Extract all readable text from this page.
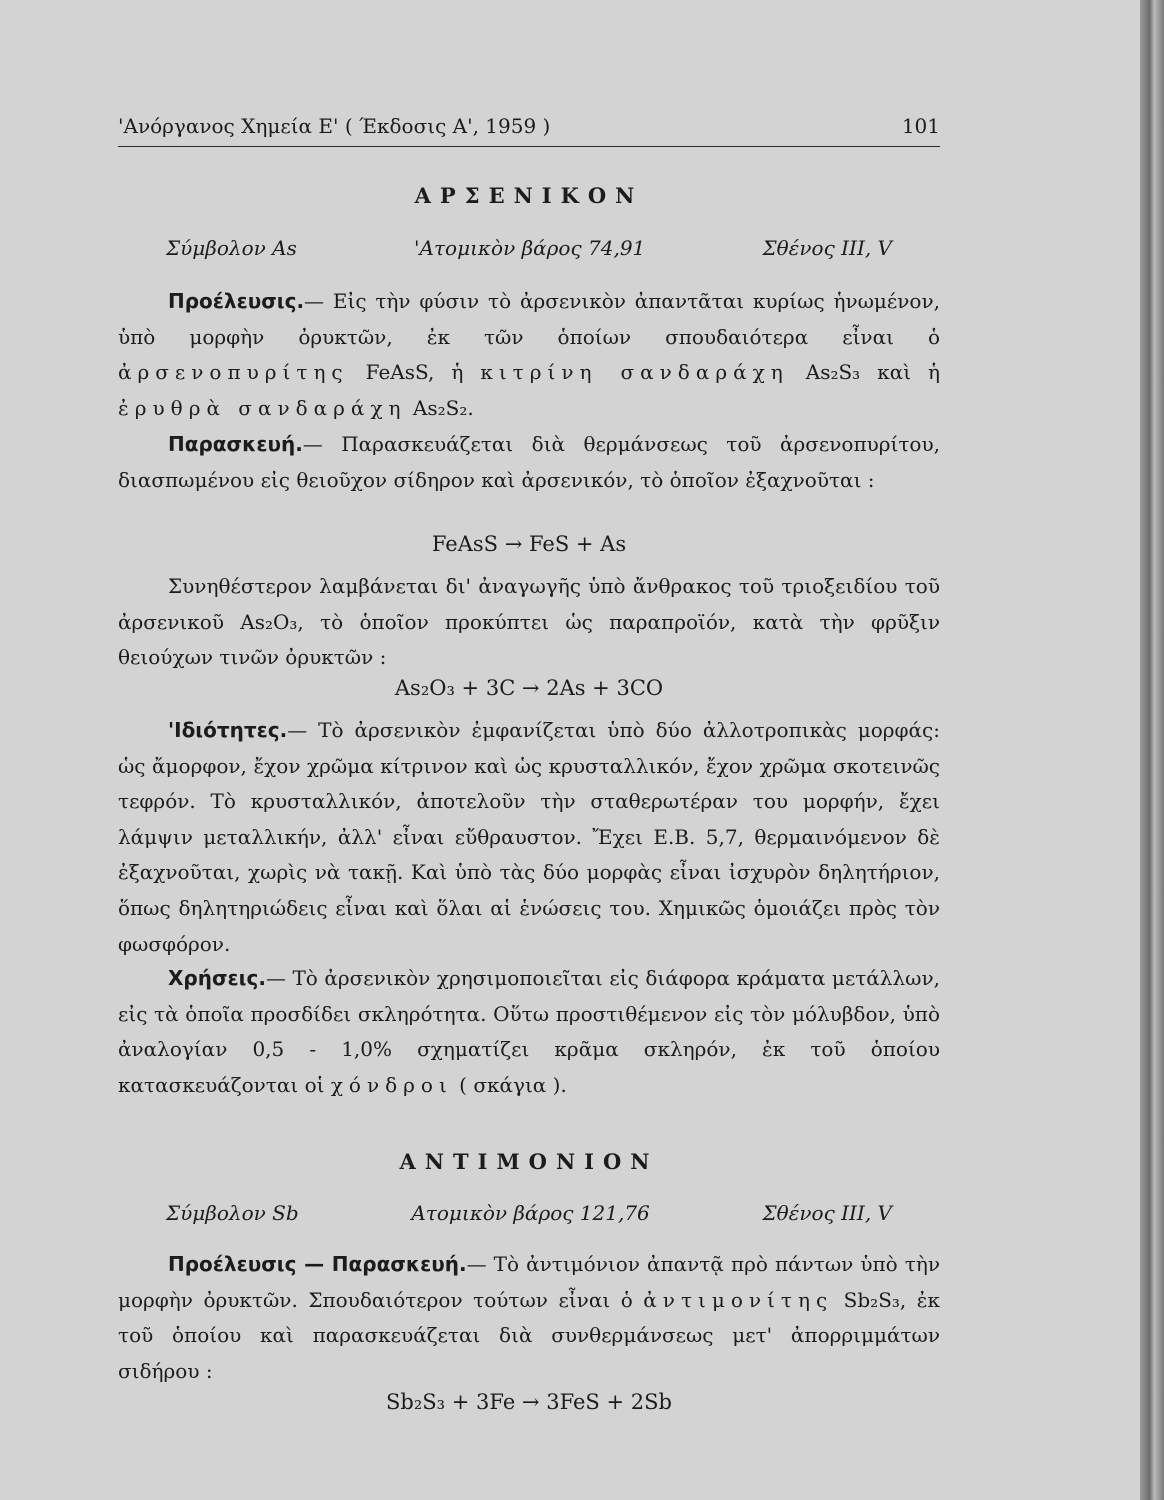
'Ανόργανος Χημεία Ε' ( Έκδοσις Α', 1959 )	101
ΑΡΣΕΝΙΚΟΝ
Σύμβολον As	'Ατομικὸν βάρος 74,91	Σθένος III, V
Προέλευσις.— Εἰς τὴν φύσιν τὸ ἀρσενικὸν ἀπαντᾶται κυρίως ἡνωμένον, ὑπὸ μορφὴν ὀρυκτῶν, ἐκ τῶν ὁποίων σπουδαιότερα εἶναι ὁ ἀρσενοπυρίτης FeAsS, ἡ κιτρίνη σανδαράχη As₂S₃ καὶ ἡ ἐρυθρὰ σανδαράχη As₂S₂.
Παρασκευή.— Παρασκευάζεται διὰ θερμάνσεως τοῦ ἀρσενοπυρίτου, διασπωμένου εἰς θειοῦχον σίδηρον καὶ ἀρσενικόν, τὸ ὁποῖον ἐξαχνοῦται :
FeAsS → FeS + As
Συνηθέστερον λαμβάνεται δι' ἀναγωγῆς ὑπὸ ἄνθρακος τοῦ τριοξειδίου τοῦ ἀρσενικοῦ As₂O₃, τὸ ὁποῖον προκύπτει ὡς παραπροϊόν, κατὰ τὴν φρῦξιν θειούχων τινῶν ὀρυκτῶν :
As₂O₃ + 3C → 2As + 3CO
'Ιδιότητες.— Τὸ ἀρσενικὸν ἐμφανίζεται ὑπὸ δύο ἀλλοτροπικὰς μορφάς: ὡς ἄμορφον, ἔχον χρῶμα κίτρινον καὶ ὡς κρυσταλλικόν, ἔχον χρῶμα σκοτεινῶς τεφρόν. Τὸ κρυσταλλικόν, ἀποτελοῦν τὴν σταθερωτέραν του μορφήν, ἔχει λάμψιν μεταλλικήν, ἀλλ' εἶναι εὔθραυστον. Ἔχει Ε.Β. 5,7, θερμαινόμενον δὲ ἐξαχνοῦται, χωρὶς νὰ τακῇ. Καὶ ὑπὸ τὰς δύο μορφὰς εἶναι ἰσχυρὸν δηλητήριον, ὅπως δηλητηριώδεις εἶναι καὶ ὅλαι αἱ ἑνώσεις του. Χημικῶς ὁμοιάζει πρὸς τὸν φωσφόρον.
Χρήσεις.— Τὸ ἀρσενικὸν χρησιμοποιεῖται εἰς διάφορα κράματα μετάλλων, εἰς τὰ ὁποῖα προσδίδει σκληρότητα. Οὕτω προστιθέμενον εἰς τὸν μόλυβδον, ὑπὸ ἀναλογίαν 0,5 - 1,0% σχηματίζει κρᾶμα σκληρόν, ἐκ τοῦ ὁποίου κατασκευάζονται οἱ χόνδροι ( σκάγια ).
ΑΝΤΙΜΟΝΙΟΝ
Σύμβολον Sb	Ατομικὸν βάρος 121,76	Σθένος III, V
Προέλευσις — Παρασκευή.— Τὸ ἀντιμόνιον ἀπαντᾷ πρὸ πάντων ὑπὸ τὴν μορφὴν ὀρυκτῶν. Σπουδαιότερον τούτων εἶναι ὁ ἀντιμονίτης Sb₂S₃, ἐκ τοῦ ὁποίου καὶ παρασκευάζεται διὰ συνθερμάνσεως μετ' ἀπορριμμάτων σιδήρου :
Sb₂S₃ + 3Fe → 3FeS + 2Sb
